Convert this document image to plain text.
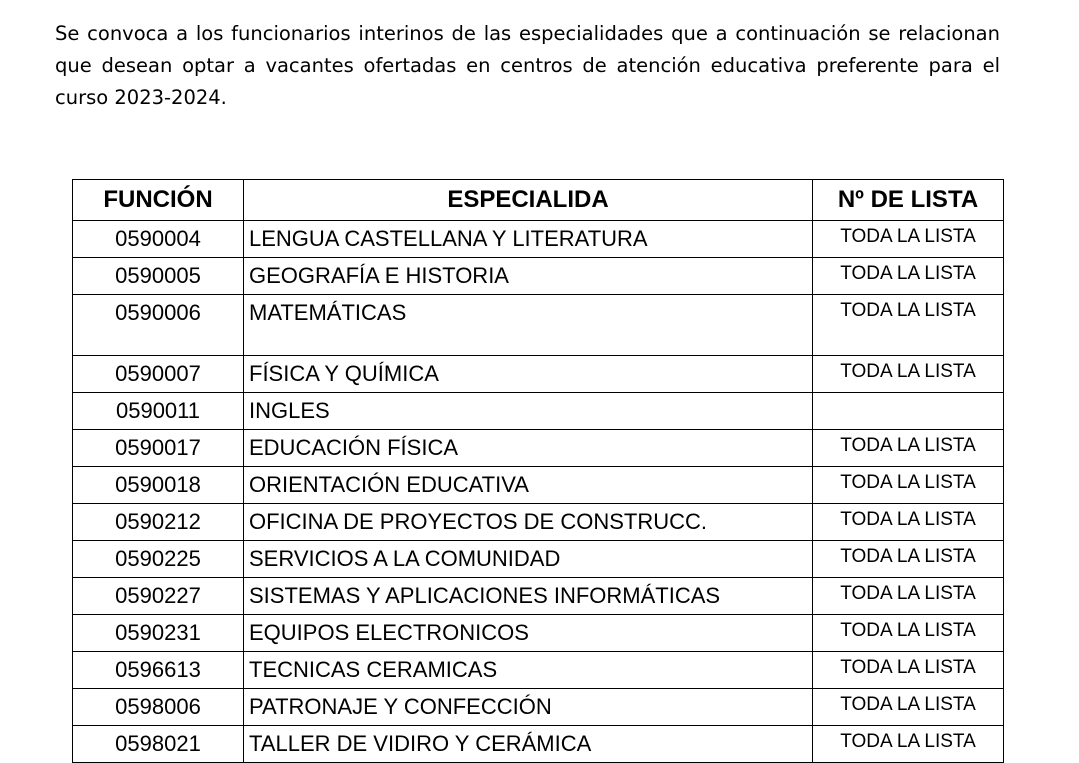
Se convoca a los funcionarios interinos de las especialidades que a continuación se relacionan que desean optar a vacantes ofertadas en centros de atención educativa preferente para el curso 2023-2024.

FUNCIÓN	ESPECIALIDA	Nº DE LISTA
0590004	LENGUA CASTELLANA Y LITERATURA	TODA LA LISTA
0590005	GEOGRAFÍA E HISTORIA	TODA LA LISTA
0590006	MATEMÁTICAS	TODA LA LISTA
0590007	FÍSICA Y QUÍMICA	TODA LA LISTA
0590011	INGLES	
0590017	EDUCACIÓN FÍSICA	TODA LA LISTA
0590018	ORIENTACIÓN EDUCATIVA	TODA LA LISTA
0590212	OFICINA DE PROYECTOS DE CONSTRUCC.	TODA LA LISTA
0590225	SERVICIOS A LA COMUNIDAD	TODA LA LISTA
0590227	SISTEMAS Y APLICACIONES INFORMÁTICAS	TODA LA LISTA
0590231	EQUIPOS ELECTRONICOS	TODA LA LISTA
0596613	TECNICAS CERAMICAS	TODA LA LISTA
0598006	PATRONAJE Y CONFECCIÓN	TODA LA LISTA
0598021	TALLER DE VIDIRO Y CERÁMICA	TODA LA LISTA
